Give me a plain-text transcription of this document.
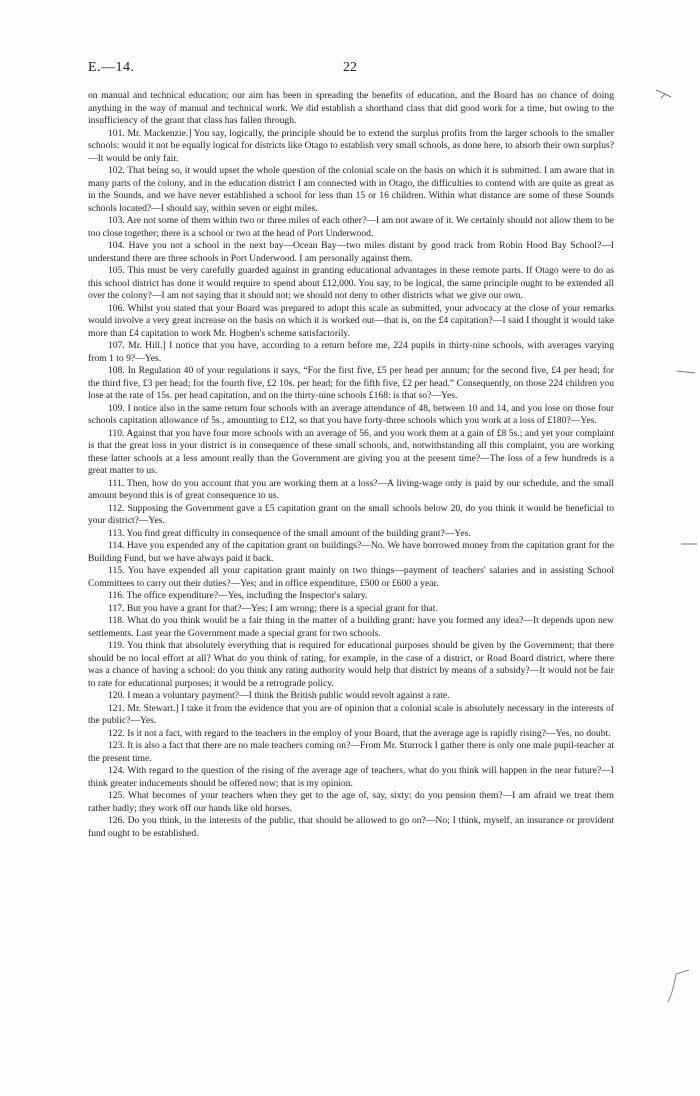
E.—14.	22

on manual and technical education; our aim has been in spreading the benefits of education, and the Board has no chance of doing anything in the way of manual and technical work. We did establish a shorthand class that did good work for a time, but owing to the insufficiency of the grant that class has fallen through.

101. Mr. Mackenzie.] You say, logically, the principle should be to extend the surplus profits from the larger schools to the smaller schools: would it not be equally logical for districts like Otago to establish very small schools, as done here, to absorb their own surplus?—It would be only fair.

102. That being so, it would upset the whole question of the colonial scale on the basis on which it is submitted. I am aware that in many parts of the colony, and in the education district I am connected with in Otago, the difficulties to contend with are quite as great as in the Sounds, and we have never established a school for less than 15 or 16 children. Within what distance are some of these Sounds schools located?—I should say, within seven or eight miles.

103. Are not some of them within two or three miles of each other?—I am not aware of it. We certainly should not allow them to be too close together; there is a school or two at the head of Port Underwood.

104. Have you not a school in the next bay—Ocean Bay—two miles distant by good track from Robin Hood Bay School?—I understand there are three schools in Port Underwood. I am personally against them.

105. This must be very carefully guarded against in granting educational advantages in these remote parts. If Otago were to do as this school district has done it would require to spend about £12,000. You say, to be logical, the same principle ought to be extended all over the colony?—I am not saying that it should not; we should not deny to other districts what we give our own.

106. Whilst you stated that your Board was prepared to adopt this scale as submitted, your advocacy at the close of your remarks would involve a very great increase on the basis on which it is worked out—that is, on the £4 capitation?—I said I thought it would take more than £4 capitation to work Mr. Hogben's scheme satisfactorily.

107. Mr. Hill.] I notice that you have, according to a return before me, 224 pupils in thirty-nine schools, with averages varying from 1 to 9?—Yes.

108. In Regulation 40 of your regulations it says, “For the first five, £5 per head per annum; for the second five, £4 per head; for the third five, £3 per head; for the fourth five, £2 10s. per head; for the fifth five, £2 per head.” Consequently, on those 224 children you lose at the rate of 15s. per head capitation, and on the thirty-nine schools £168: is that so?—Yes.

109. I notice also in the same return four schools with an average attendance of 48, between 10 and 14, and you lose on those four schools capitation allowance of 5s., amounting to £12, so that you have forty-three schools which you work at a loss of £180?—Yes.

110. Against that you have four more schools with an average of 56, and you work them at a gain of £8 5s.; and yet your complaint is that the great loss in your district is in consequence of these small schools, and, notwithstanding all this complaint, you are working these latter schools at a less amount really than the Government are giving you at the present time?—The loss of a few hundreds is a great matter to us.

111. Then, how do you account that you are working them at a loss?—A living-wage only is paid by our schedule, and the small amount beyond this is of great consequence to us.

112. Supposing the Government gave a £5 capitation grant on the small schools below 20, do you think it would be beneficial to your district?—Yes.

113. You find great difficulty in consequence of the small amount of the building grant?—Yes.

114. Have you expended any of the capitation grant on buildings?—No. We have borrowed money from the capitation grant for the Building Fund, but we have always paid it back.

115. You have expended all your capitation grant mainly on two things—payment of teachers' salaries and in assisting School Committees to carry out their duties?—Yes; and in office expenditure, £500 or £600 a year.

116. The office expenditure?—Yes, including the Inspector's salary.

117. But you have a grant for that?—Yes; I am wrong; there is a special grant for that.

118. What do you think would be a fair thing in the matter of a building grant: have you formed any idea?—It depends upon new settlements. Last year the Government made a special grant for two schools.

119. You think that absolutely everything that is required for educational purposes should be given by the Government; that there should be no local effort at all? What do you think of rating, for example, in the case of a district, or Road Board district, where there was a chance of having a school: do you think any rating authority would help that district by means of a subsidy?—It would not be fair to rate for educational purposes; it would be a retrograde policy.

120. I mean a voluntary payment?—I think the British public would revolt against a rate.

121. Mr. Stewart.] I take it from the evidence that you are of opinion that a colonial scale is absolutely necessary in the interests of the public?—Yes.

122. Is it not a fact, with regard to the teachers in the employ of your Board, that the average age is rapidly rising?—Yes, no doubt.

123. It is also a fact that there are no male teachers coming on?—From Mr. Sturrock I gather there is only one male pupil-teacher at the present time.

124. With regard to the question of the rising of the average age of teachers, what do you think will happen in the near future?—I think greater inducements should be offered now; that is my opinion.

125. What becomes of your teachers when they get to the age of, say, sixty: do you pension them?—I am afraid we treat them rather badly; they work off our hands like old horses.

126. Do you think, in the interests of the public, that should be allowed to go on?—No; I think, myself, an insurance or provident fund ought to be established.
